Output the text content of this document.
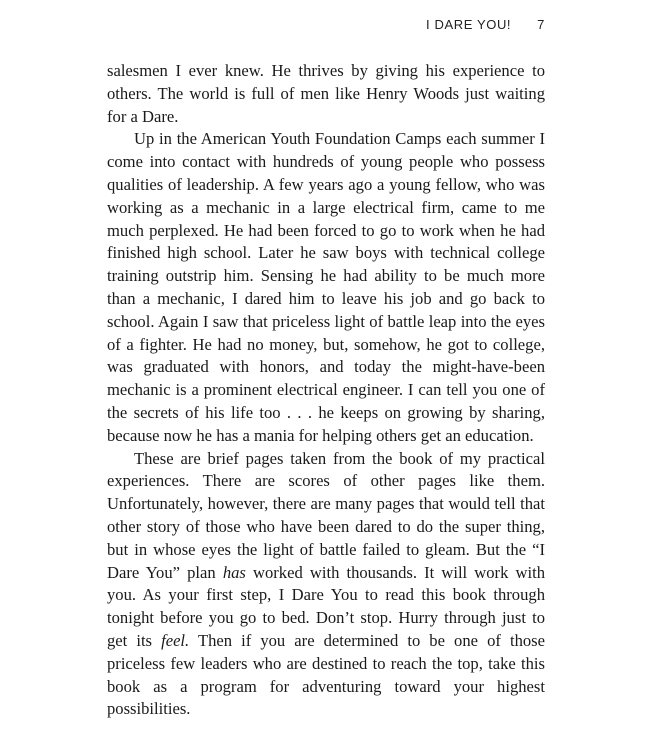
I DARE YOU! 7

salesmen I ever knew. He thrives by giving his experience to others. The world is full of men like Henry Woods just waiting for a Dare.

Up in the American Youth Foundation Camps each summer I come into contact with hundreds of young people who possess qualities of leadership. A few years ago a young fellow, who was working as a mechanic in a large electrical firm, came to me much perplexed. He had been forced to go to work when he had finished high school. Later he saw boys with technical college training outstrip him. Sensing he had ability to be much more than a mechanic, I dared him to leave his job and go back to school. Again I saw that priceless light of battle leap into the eyes of a fighter. He had no money, but, somehow, he got to college, was graduated with honors, and today the might-have-been mechanic is a prominent electrical engineer. I can tell you one of the secrets of his life too . . . he keeps on growing by sharing, because now he has a mania for helping others get an education.

These are brief pages taken from the book of my practical experiences. There are scores of other pages like them. Unfortunately, however, there are many pages that would tell that other story of those who have been dared to do the super thing, but in whose eyes the light of battle failed to gleam. But the “I Dare You” plan has worked with thousands. It will work with you. As your first step, I Dare You to read this book through tonight before you go to bed. Don’t stop. Hurry through just to get its feel. Then if you are determined to be one of those priceless few leaders who are destined to reach the top, take this book as a program for adventuring toward your highest possibilities.
